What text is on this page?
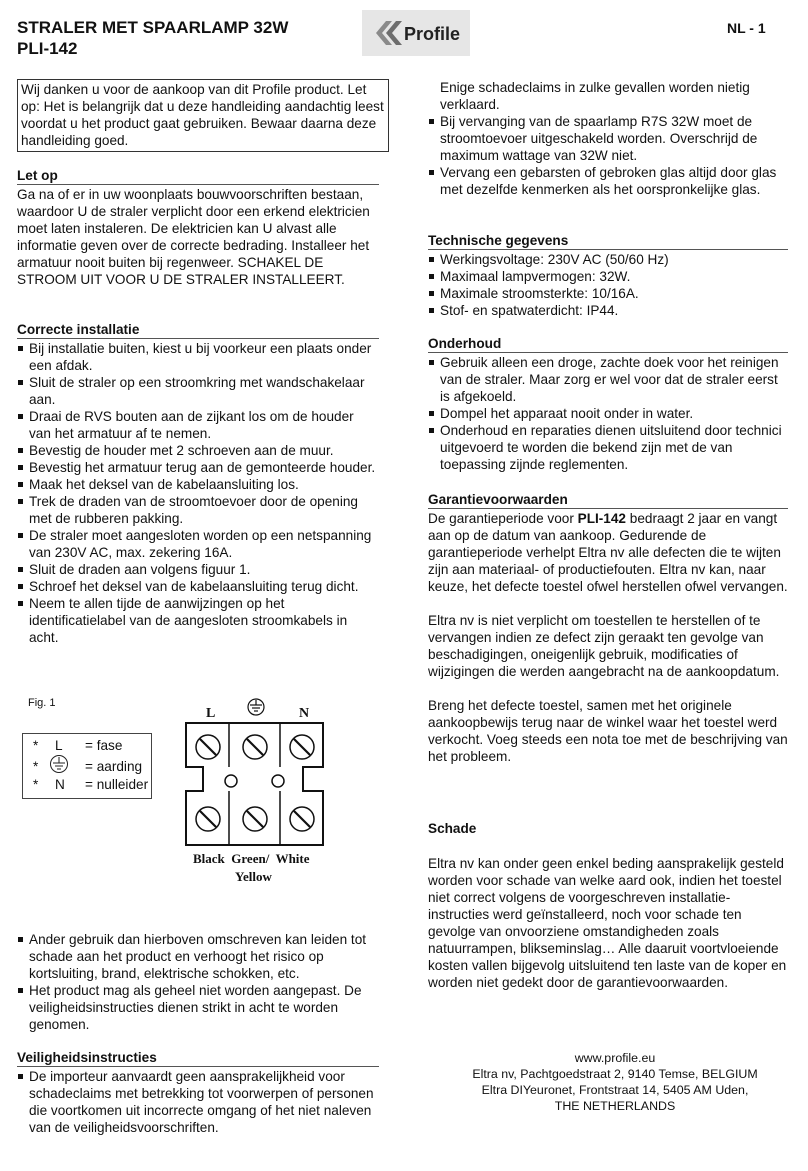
STRALER MET SPAARLAMP 32W
PLI-142
Profile	NL - 1

Wij danken u voor de aankoop van dit Profile product. Let op: Het is belangrijk dat u deze handleiding aandachtig leest voordat u het product gaat gebruiken. Bewaar daarna deze handleiding goed.

Let op

Ga na of er in uw woonplaats bouwvoorschriften bestaan, waardoor U de straler verplicht door een erkend elektricien moet laten instaleren. De elektricien kan U alvast alle informatie geven over de correcte bedrading. Installeer het armatuur nooit buiten bij regenweer. SCHAKEL DE STROOM UIT VOOR U DE STRALER INSTALLEERT.

Correcte installatie
Bij installatie buiten, kiest u bij voorkeur een plaats onder een afdak.
Sluit de straler op een stroomkring met wandschakelaar aan.
Draai de RVS bouten aan de zijkant los om de houder van het armatuur af te nemen.
Bevestig de houder met 2 schroeven aan de muur.
Bevestig het armatuur terug aan de gemonteerde houder.
Maak het deksel van de kabelaansluiting los.
Trek de draden van de stroomtoevoer door de opening met de rubberen pakking.
De straler moet aangesloten worden op een netspanning van 230V AC, max. zekering 16A.
Sluit de draden aan volgens figuur 1.
Schroef het deksel van de kabelaansluiting terug dicht.
Neem te allen tijde de aanwijzingen op het identificatielabel van de aangesloten stroomkabels in acht.
Fig. 1
* L = fase
*	= aarding
* N = nulleider
L	N
Black  Green/  White
Yellow
Ander gebruik dan hierboven omschreven kan leiden tot schade aan het product en verhoogt het risico op kortsluiting, brand, elektrische schokken, etc.
Het product mag als geheel niet worden aangepast. De veiligheidsinstructies dienen strikt in acht te worden genomen.
Veiligheidsinstructies
De importeur aanvaardt geen aansprakelijkheid voor schadeclaims met betrekking tot voorwerpen of personen die voortkomen uit incorrecte omgang of het niet naleven van de veiligheidsvoorschriften.

Enige schadeclaims in zulke gevallen worden nietig verklaard.

Bij vervanging van de spaarlamp R7S 32W moet de stroomtoevoer uitgeschakeld worden. Overschrijd de maximum wattage van 32W niet.
Vervang een gebarsten of gebroken glas altijd door glas met dezelfde kenmerken als het oorspronkelijke glas.
Technische gegevens
Werkingsvoltage: 230V AC (50/60 Hz)
Maximaal lampvermogen: 32W.
Maximale stroomsterkte: 10/16A.
Stof- en spatwaterdicht: IP44.
Onderhoud
Gebruik alleen een droge, zachte doek voor het reinigen van de straler. Maar zorg er wel voor dat de straler eerst is afgekoeld.
Dompel het apparaat nooit onder in water.
Onderhoud en reparaties dienen uitsluitend door technici uitgevoerd te worden die bekend zijn met de van toepassing zijnde reglementen.
Garantievoorwaarden

De garantieperiode voor PLI-142 bedraagt 2 jaar en vangt aan op de datum van aankoop. Gedurende de garantieperiode verhelpt Eltra nv alle defecten die te wijten zijn aan materiaal- of productiefouten. Eltra nv kan, naar keuze, het defecte toestel ofwel herstellen ofwel vervangen.

Eltra nv is niet verplicht om toestellen te herstellen of te vervangen indien ze defect zijn geraakt ten gevolge van beschadigingen, oneigenlijk gebruik, modificaties of wijzigingen die werden aangebracht na de aankoopdatum.

Breng het defecte toestel, samen met het originele aankoopbewijs terug naar de winkel waar het toestel werd verkocht. Voeg steeds een nota toe met de beschrijving van het probleem.

Schade

Eltra nv kan onder geen enkel beding aansprakelijk gesteld worden voor schade van welke aard ook, indien het toestel niet correct volgens de voorgeschreven installatie-instructies werd geïnstalleerd, noch voor schade ten gevolge van onvoorziene omstandigheden zoals natuurrampen, blikseminslag… Alle daaruit voortvloeiende kosten vallen bijgevolg uitsluitend ten laste van de koper en worden niet gedekt door de garantievoorwaarden.

www.profile.eu
Eltra nv, Pachtgoedstraat 2, 9140 Temse, BELGIUM
Eltra DIYeuronet, Frontstraat 14, 5405 AM Uden,
THE NETHERLANDS
